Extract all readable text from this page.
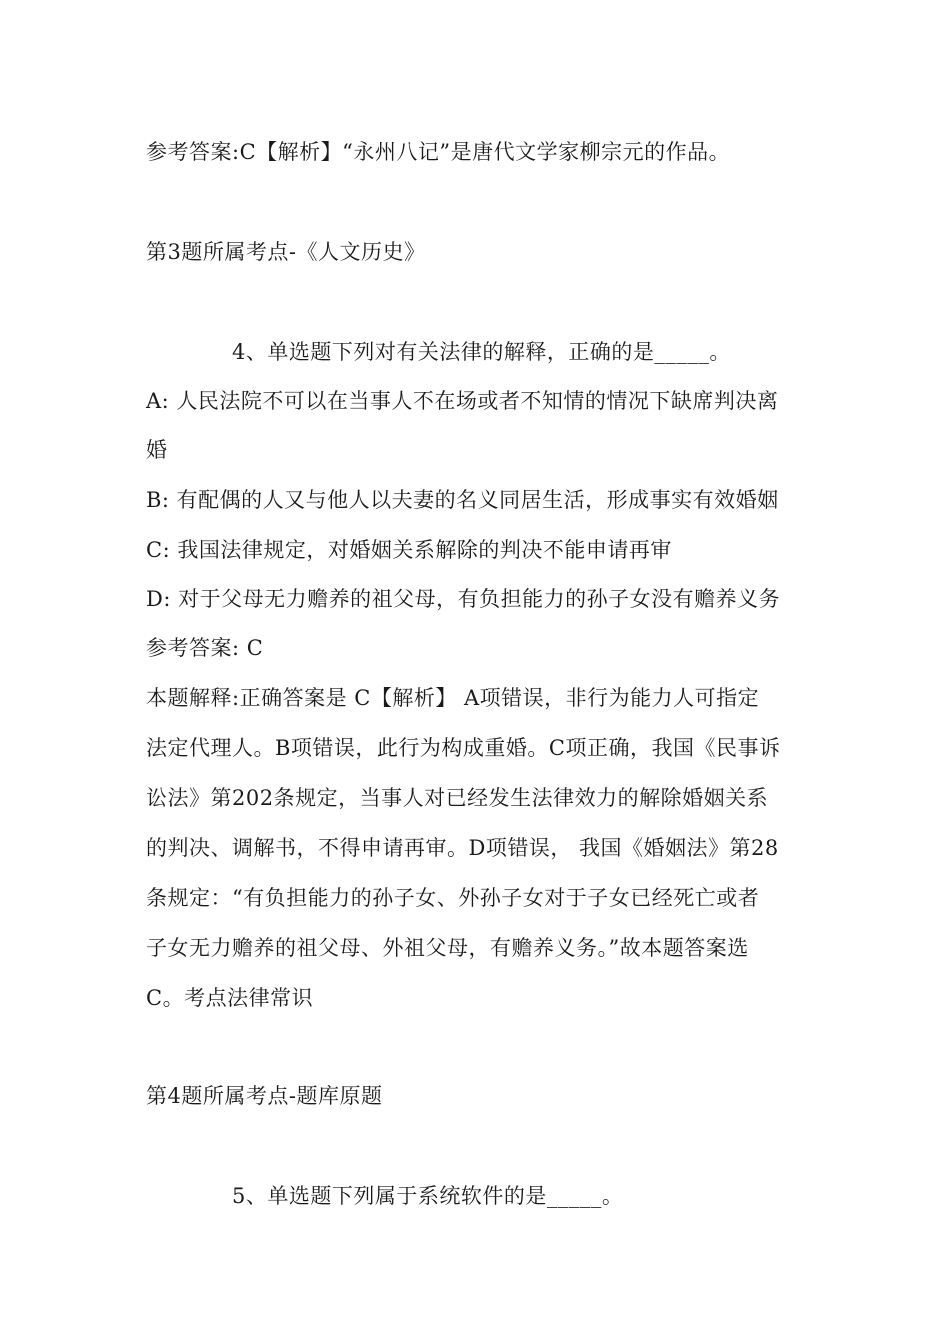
参考答案:C【解析】“永州八记”是唐代文学家柳宗元的作品。
第3题所属考点-《人文历史》
4、单选题下列对有关法律的解释，正确的是_____。
A: 人民法院不可以在当事人不在场或者不知情的情况下缺席判决离
婚
B: 有配偶的人又与他人以夫妻的名义同居生活，形成事实有效婚姻
C: 我国法律规定，对婚姻关系解除的判决不能申请再审
D: 对于父母无力赡养的祖父母，有负担能力的孙子女没有赡养义务
参考答案: C
本题解释:正确答案是 C【解析】 A项错误，非行为能力人可指定
法定代理人。B项错误，此行为构成重婚。C项正确，我国《民事诉
讼法》第202条规定，当事人对已经发生法律效力的解除婚姻关系
的判决、调解书，不得申请再审。D项错误， 我国《婚姻法》第28
条规定：“有负担能力的孙子女、外孙子女对于子女已经死亡或者
子女无力赡养的祖父母、外祖父母，有赡养义务。”故本题答案选
C。考点法律常识
第4题所属考点-题库原题
5、单选题下列属于系统软件的是_____。
